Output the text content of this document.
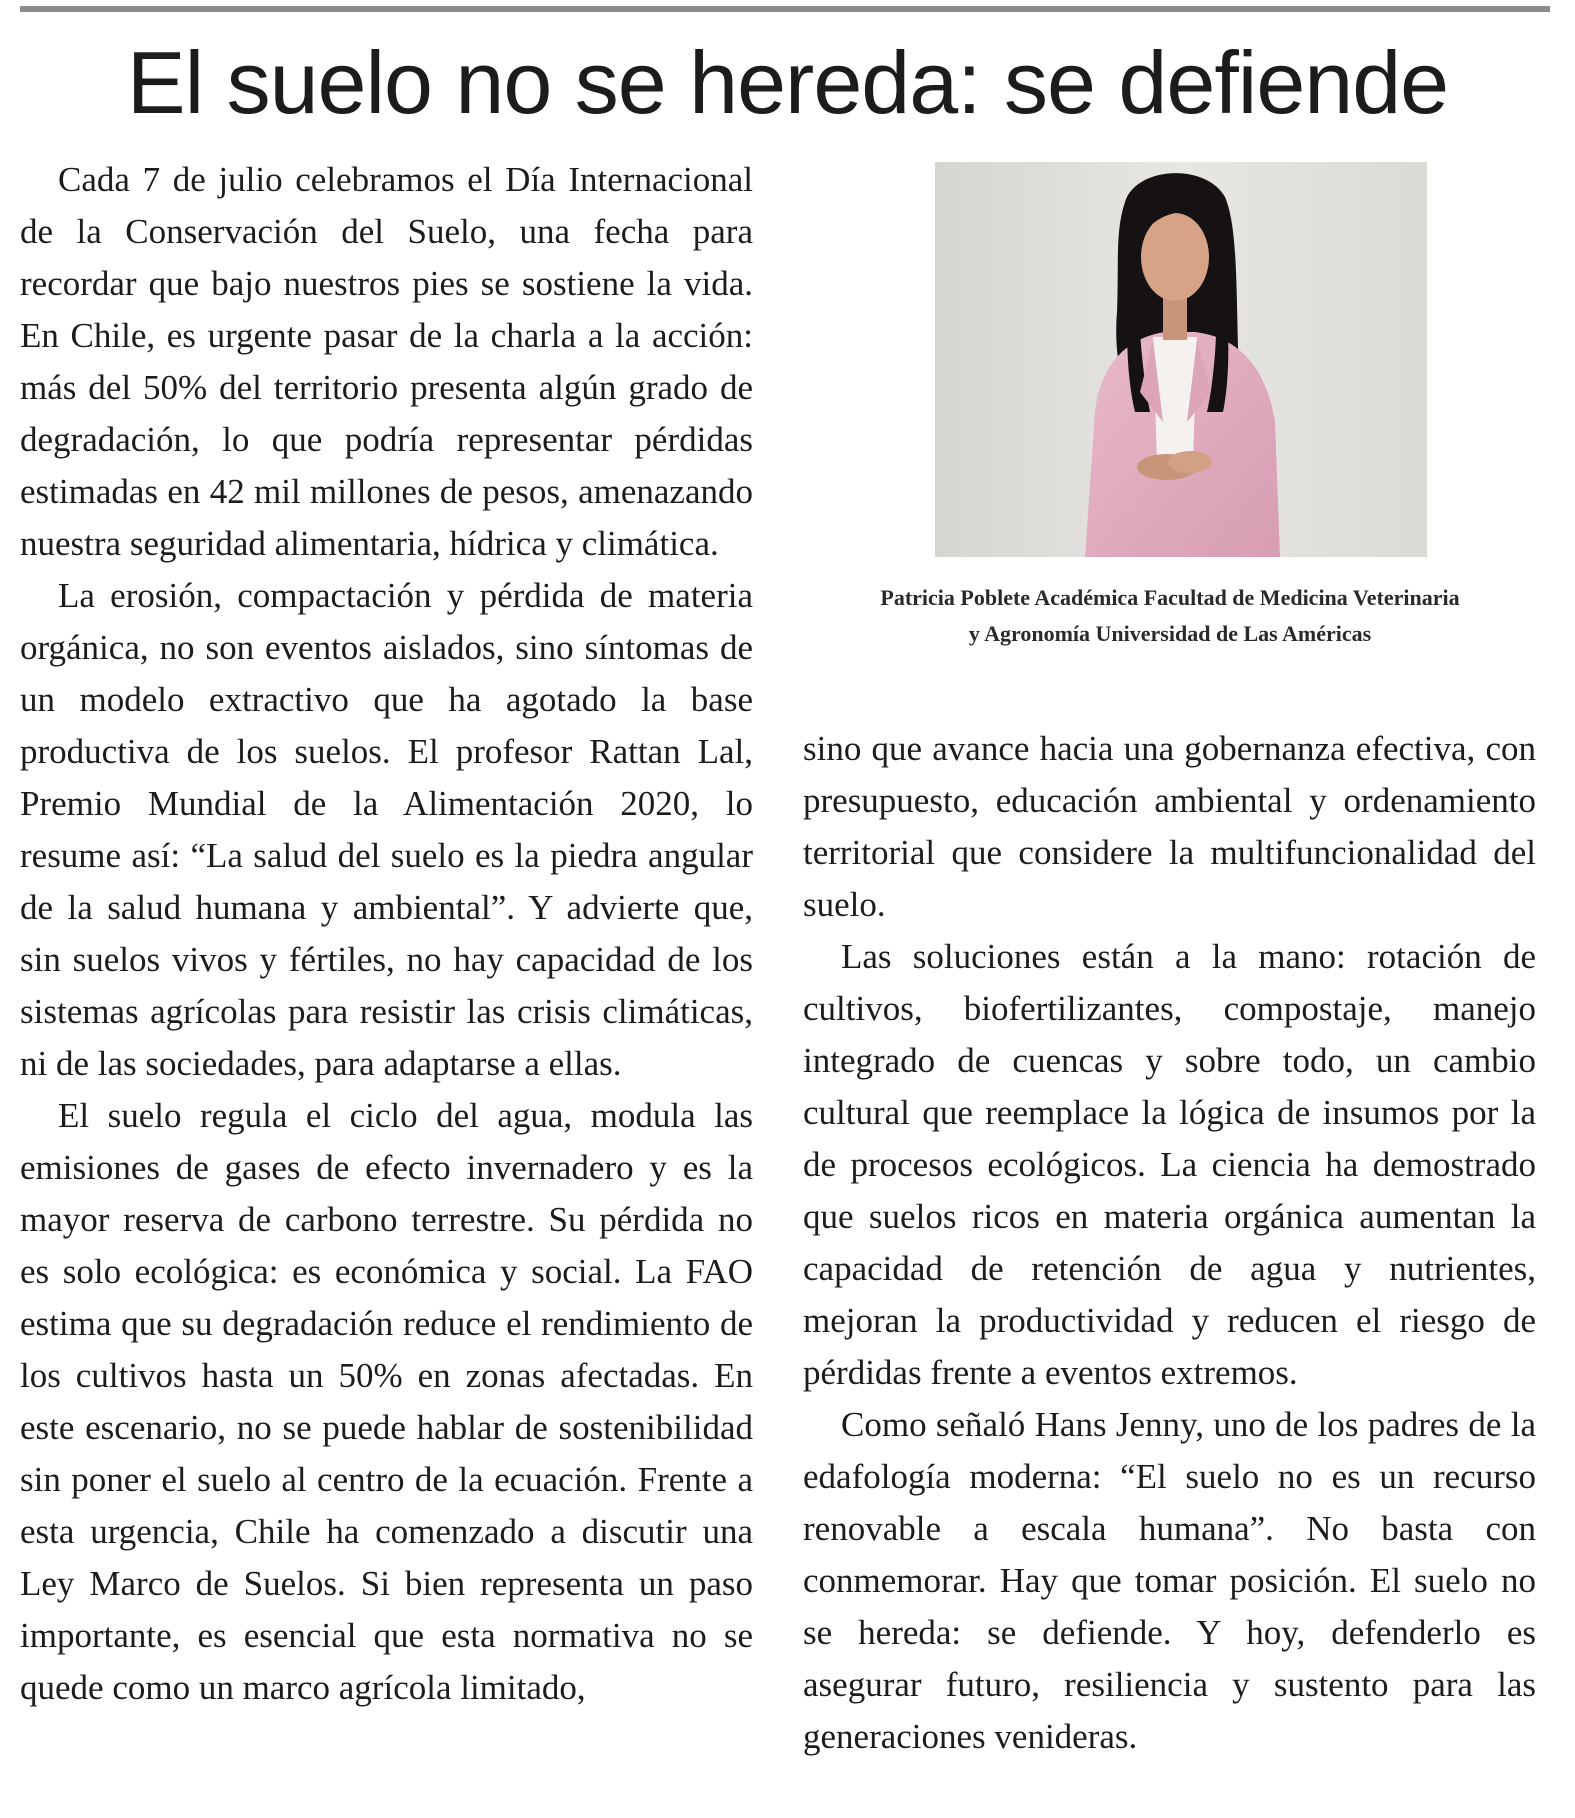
El suelo no se hereda: se defiende

Cada 7 de julio celebramos el Día Internacional de la Conservación del Suelo, una fecha para recordar que bajo nuestros pies se sostiene la vida. En Chile, es urgente pasar de la charla a la acción: más del 50% del territorio presenta algún grado de degradación, lo que podría representar pérdidas estimadas en 42 mil millones de pesos, amenazando nuestra seguridad alimentaria, hídrica y climática.

La erosión, compactación y pérdida de materia orgánica, no son eventos aislados, sino síntomas de un modelo extractivo que ha agotado la base productiva de los suelos. El profesor Rattan Lal, Premio Mundial de la Alimentación 2020, lo resume así: “La salud del suelo es la piedra angular de la salud humana y ambiental”. Y advierte que, sin suelos vivos y fértiles, no hay capacidad de los sistemas agrícolas para resistir las crisis climáticas, ni de las sociedades, para adaptarse a ellas.

El suelo regula el ciclo del agua, modula las emisiones de gases de efecto invernadero y es la mayor reserva de carbono terrestre. Su pérdida no es solo ecológica: es económica y social. La FAO estima que su degradación reduce el rendimiento de los cultivos hasta un 50% en zonas afectadas. En este escenario, no se puede hablar de sostenibilidad sin poner el suelo al centro de la ecuación. Frente a esta urgencia, Chile ha comenzado a discutir una Ley Marco de Suelos. Si bien representa un paso importante, es esencial que esta normativa no se quede como un marco agrícola limitado,

Patricia Poblete Académica Facultad de Medicina Veterinaria
y Agronomía Universidad de Las Américas

sino que avance hacia una gobernanza efectiva, con presupuesto, educación ambiental y ordenamiento territorial que considere la multifuncionalidad del suelo.

Las soluciones están a la mano: rotación de cultivos, biofertilizantes, compostaje, manejo integrado de cuencas y sobre todo, un cambio cultural que reemplace la lógica de insumos por la de procesos ecológicos. La ciencia ha demostrado que suelos ricos en materia orgánica aumentan la capacidad de retención de agua y nutrientes, mejoran la productividad y reducen el riesgo de pérdidas frente a eventos extremos.

Como señaló Hans Jenny, uno de los padres de la edafología moderna: “El suelo no es un recurso renovable a escala humana”. No basta con conmemorar. Hay que tomar posición. El suelo no se hereda: se defiende. Y hoy, defenderlo es asegurar futuro, resiliencia y sustento para las generaciones venideras.
